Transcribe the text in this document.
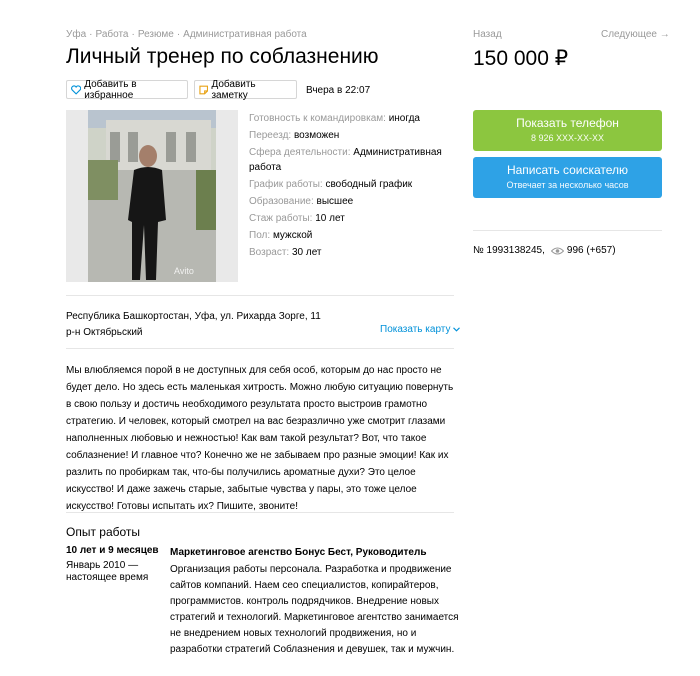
Уфа · Работа · Резюме · Административная работа
Личный тренер по соблазнению
Добавить в избранное
Добавить заметку	Вчера в 22:07
Назад	Следующее →
150 000 ₽
Avito
Готовность к командировкам: иногда
Переезд: возможен
Сфера деятельности: Административная работа
График работы: свободный график
Образование: высшее
Стаж работы: 10 лет
Пол: мужской
Возраст: 30 лет
Показать телефон
8 926 XXX-XX-XX
Написать соискателю
Отвечает за несколько часов
№ 1993138245, 996 (+657)
Республика Башкортостан, Уфа, ул. Рихарда Зорге, 11
р-н Октябрьский	Показать карту
Мы влюбляемся порой в не доступных для себя особ, которым до нас просто не будет дело. Но здесь есть маленькая хитрость. Можно любую ситуацию повернуть в свою пользу и достичь необходимого результата просто выстроив грамотно стратегию. И человек, который смотрел на вас безразлично уже смотрит глазами наполненных любовью и нежностью! Как вам такой результат? Вот, что такое соблазнение! И главное что? Конечно же не забываем про разные эмоции! Как их разлить по пробиркам так, что-бы получились ароматные духи? Это целое искусство! И даже зажечь старые, забытые чувства у пары, это тоже целое искусство! Готовы испытать их? Пишите, звоните!
Опыт работы
10 лет и 9 месяцев
Январь 2010 — настоящее время
Маркетинговое агенство Бонус Бест, Руководитель
Организация работы персонала. Разработка и продвижение сайтов компаний. Наем сео специалистов, копирайтеров, программистов. контроль подрядчиков. Внедрение новых стратегий и технологий. Маркетинговое агентство занимается не внедрением новых технологий продвижения, но и разработки стратегий Соблазнения и девушек, так и мужчин.
